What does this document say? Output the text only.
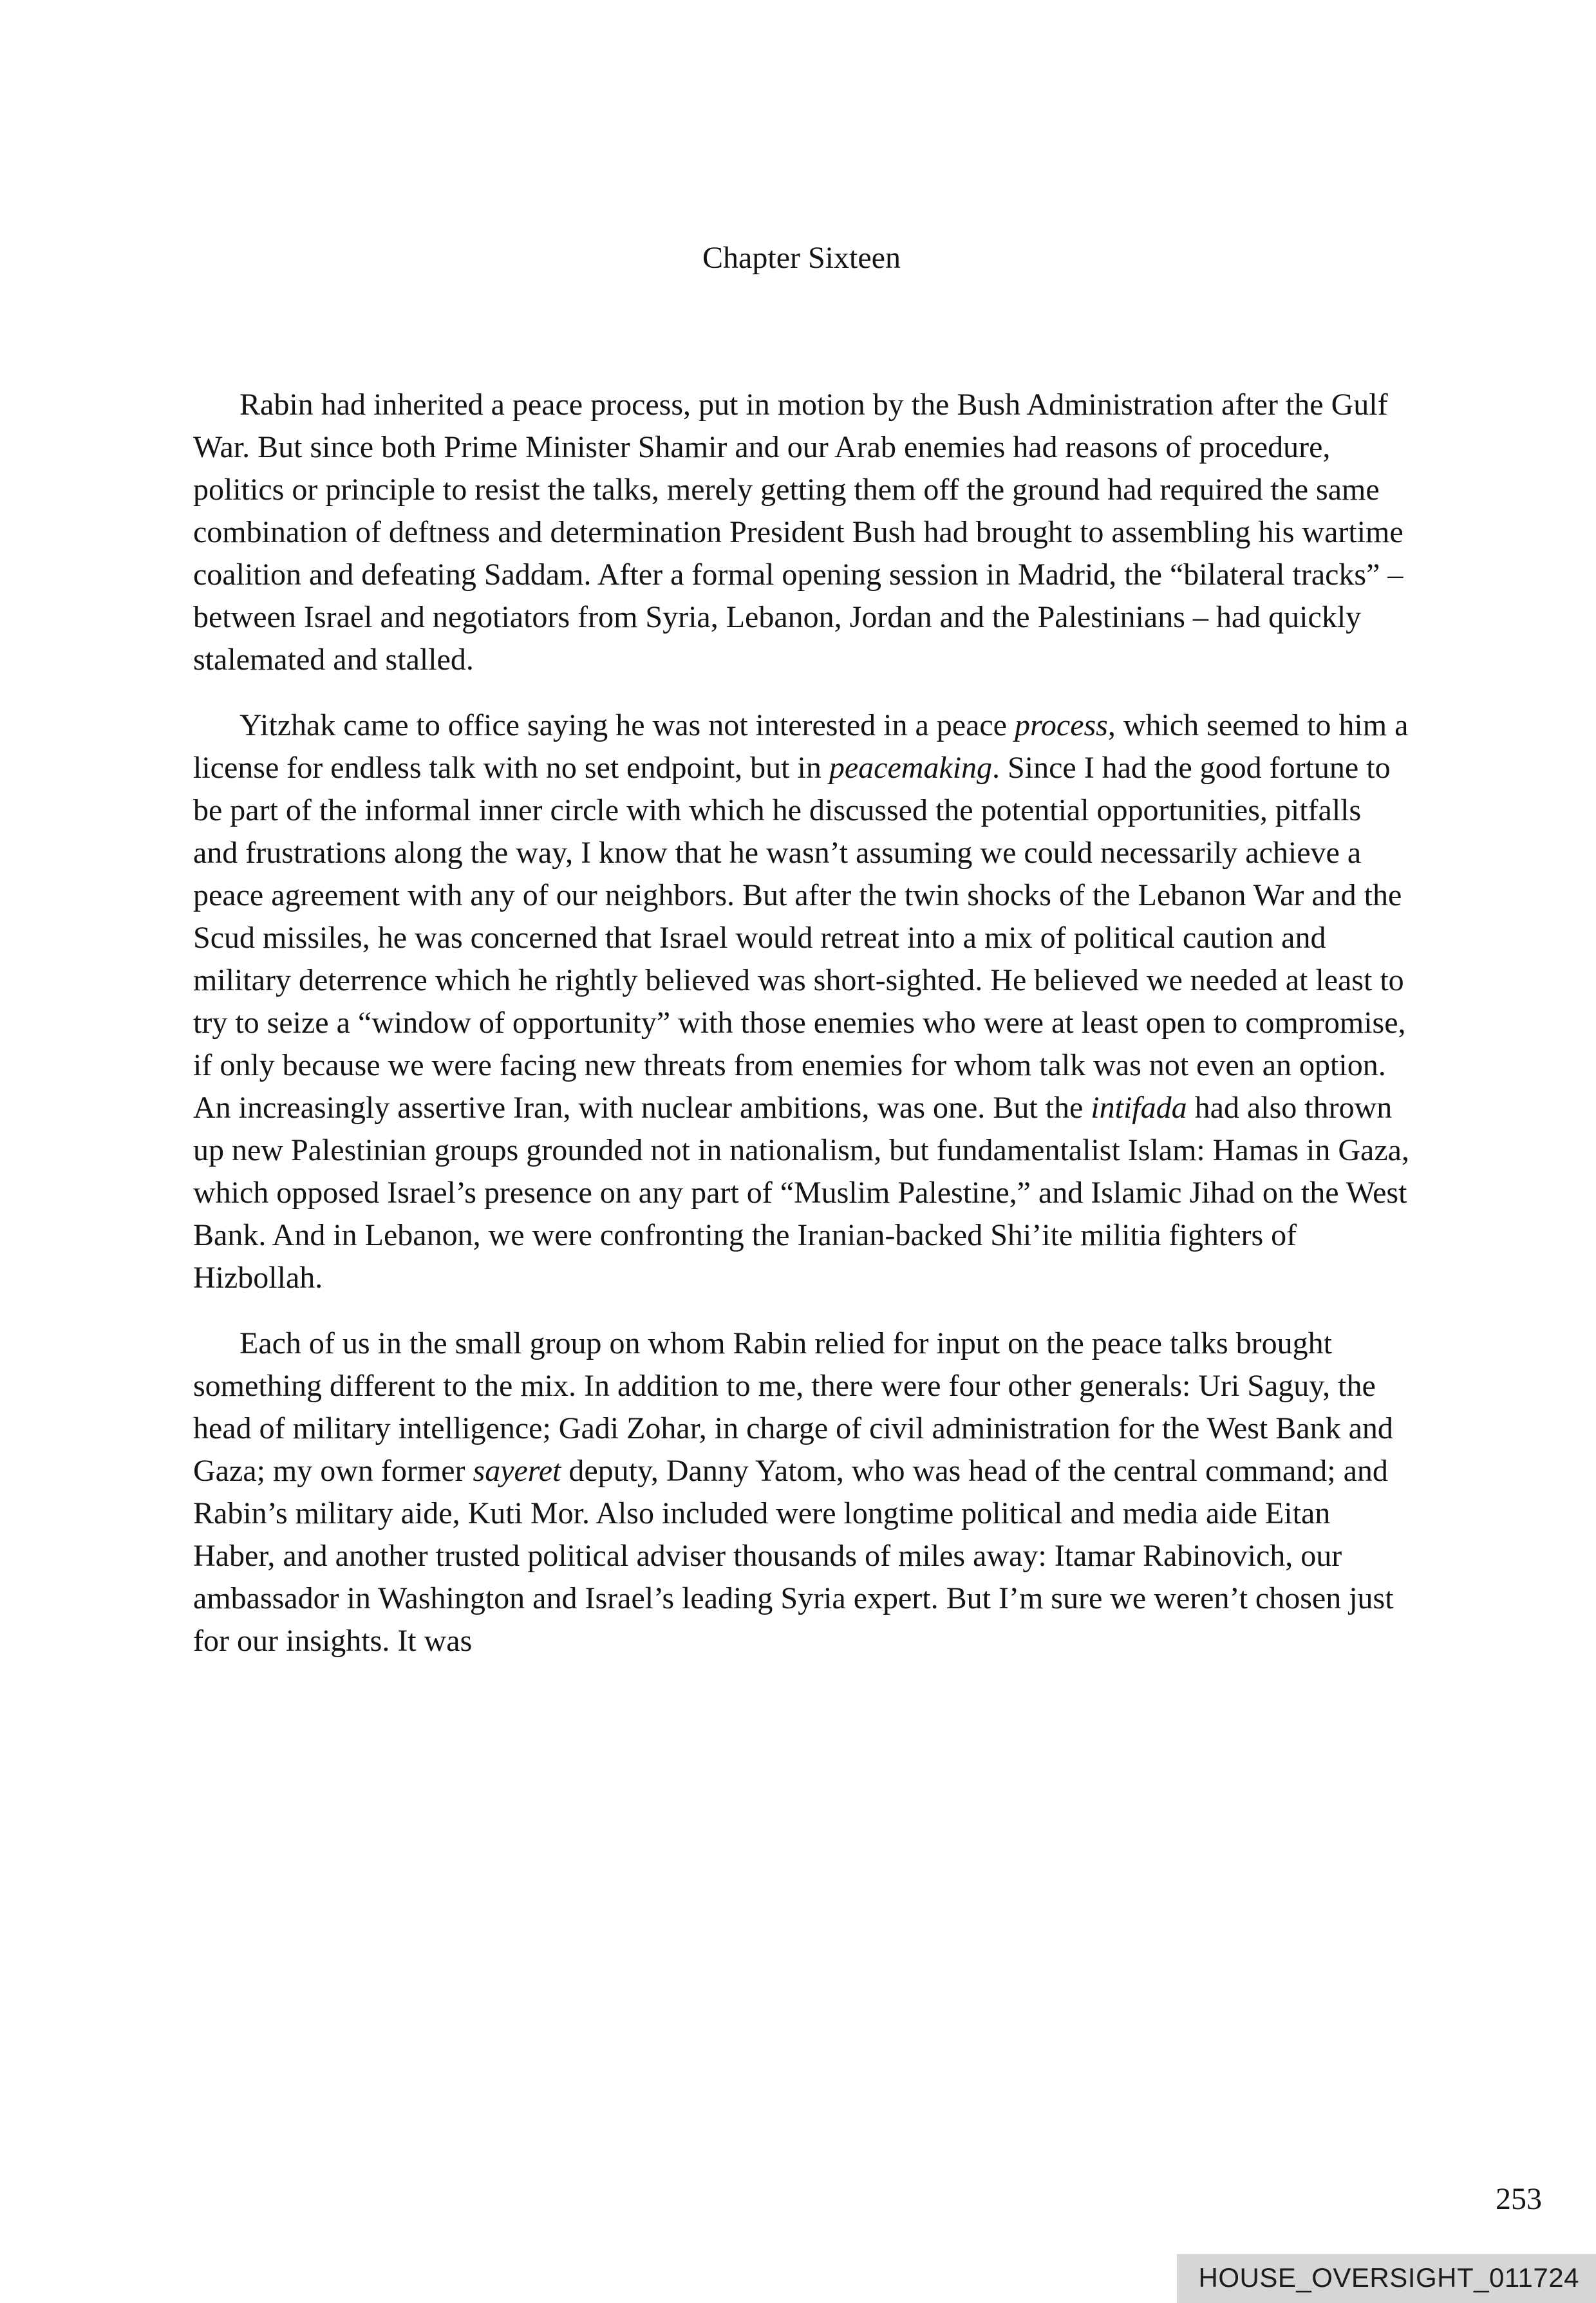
Chapter Sixteen

Rabin had inherited a peace process, put in motion by the Bush Administration after the Gulf War. But since both Prime Minister Shamir and our Arab enemies had reasons of procedure, politics or principle to resist the talks, merely getting them off the ground had required the same combination of deftness and determination President Bush had brought to assembling his wartime coalition and defeating Saddam. After a formal opening session in Madrid, the “bilateral tracks” – between Israel and negotiators from Syria, Lebanon, Jordan and the Palestinians – had quickly stalemated and stalled.

Yitzhak came to office saying he was not interested in a peace process, which seemed to him a license for endless talk with no set endpoint, but in peacemaking. Since I had the good fortune to be part of the informal inner circle with which he discussed the potential opportunities, pitfalls and frustrations along the way, I know that he wasn’t assuming we could necessarily achieve a peace agreement with any of our neighbors. But after the twin shocks of the Lebanon War and the Scud missiles, he was concerned that Israel would retreat into a mix of political caution and military deterrence which he rightly believed was short-sighted. He believed we needed at least to try to seize a “window of opportunity” with those enemies who were at least open to compromise, if only because we were facing new threats from enemies for whom talk was not even an option. An increasingly assertive Iran, with nuclear ambitions, was one. But the intifada had also thrown up new Palestinian groups grounded not in nationalism, but fundamentalist Islam: Hamas in Gaza, which opposed Israel’s presence on any part of “Muslim Palestine,” and Islamic Jihad on the West Bank. And in Lebanon, we were confronting the Iranian-backed Shi’ite militia fighters of Hizbollah.

Each of us in the small group on whom Rabin relied for input on the peace talks brought something different to the mix. In addition to me, there were four other generals: Uri Saguy, the head of military intelligence; Gadi Zohar, in charge of civil administration for the West Bank and Gaza; my own former sayeret deputy, Danny Yatom, who was head of the central command; and Rabin’s military aide, Kuti Mor. Also included were longtime political and media aide Eitan Haber, and another trusted political adviser thousands of miles away: Itamar Rabinovich, our ambassador in Washington and Israel’s leading Syria expert. But I’m sure we weren’t chosen just for our insights. It was

253
HOUSE_OVERSIGHT_011724
